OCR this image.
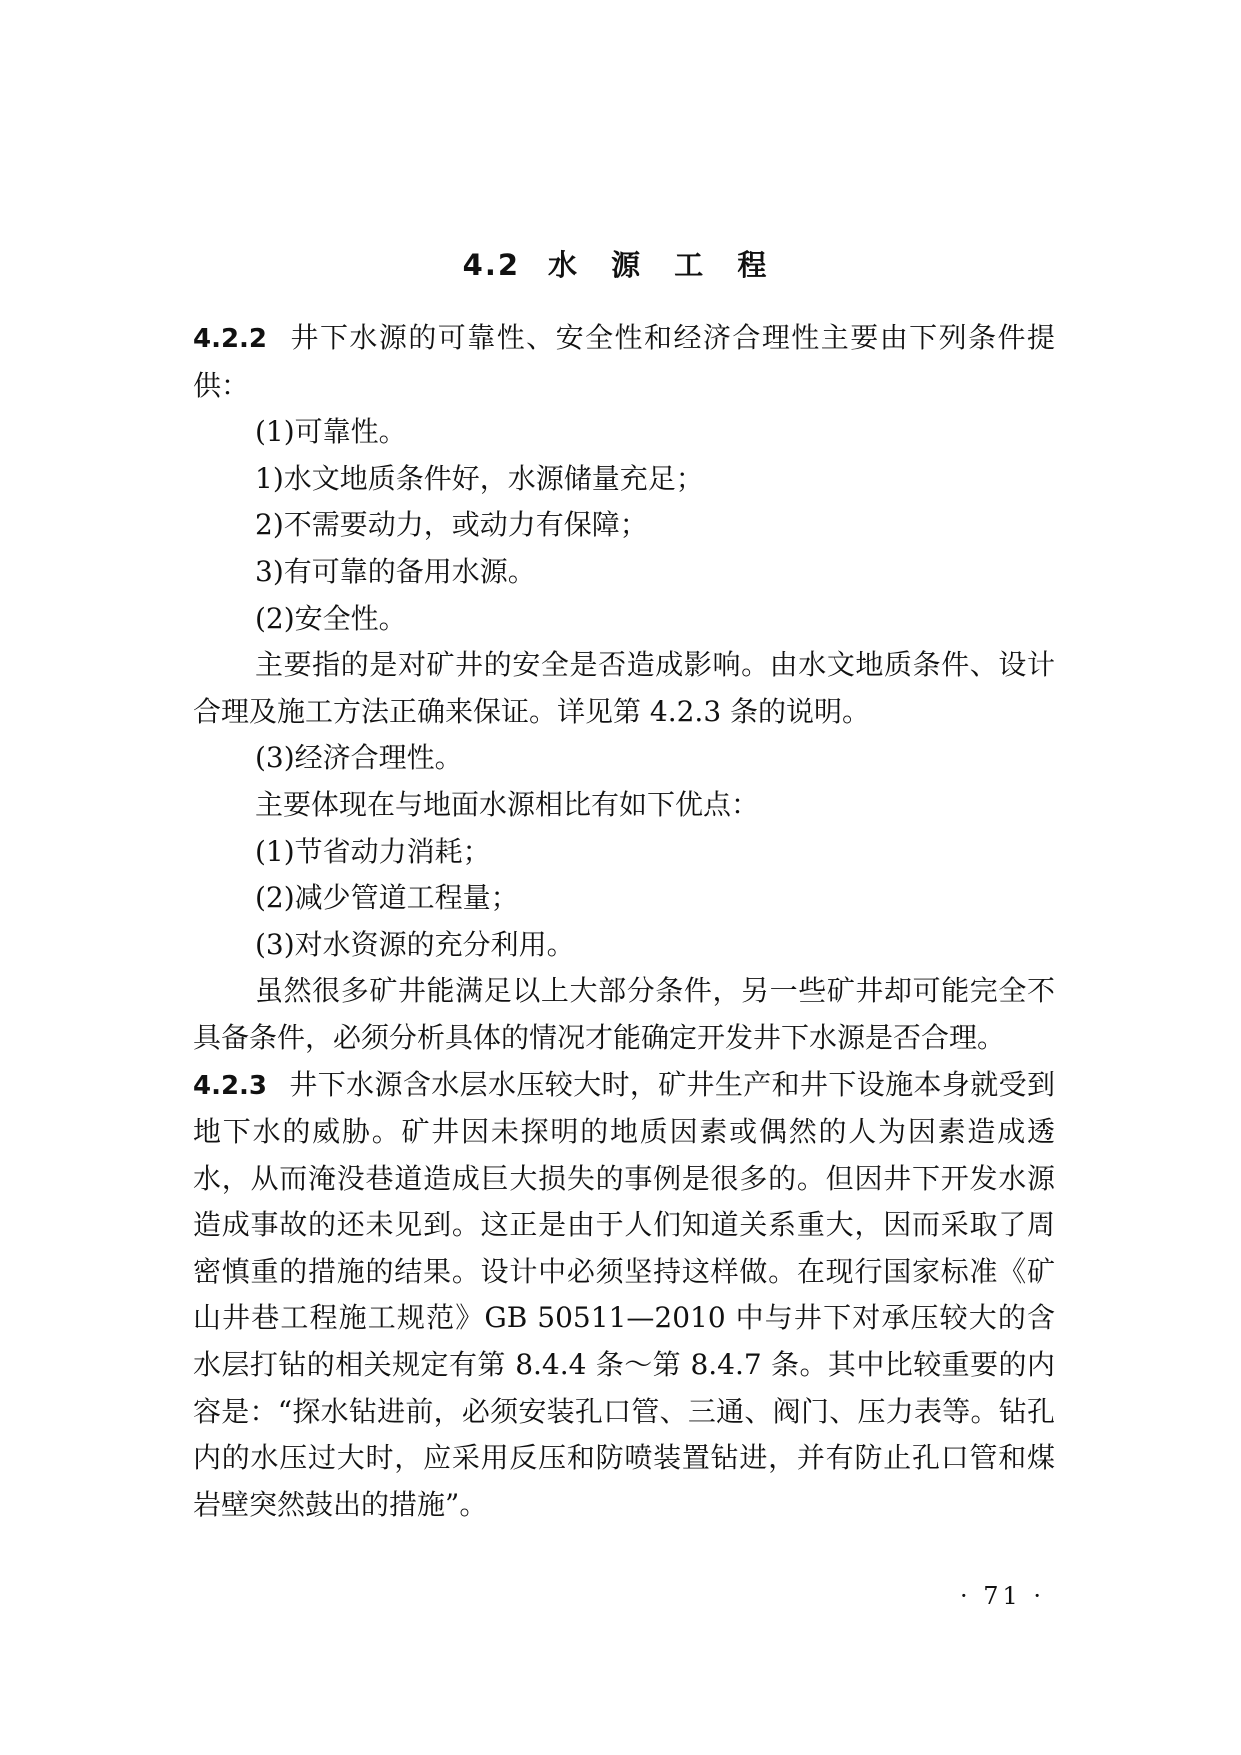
4.2 水 源 工 程

4.2.2 井下水源的可靠性、安全性和经济合理性主要由下列条件提供：

(1)可靠性。

1)水文地质条件好，水源储量充足；

2)不需要动力，或动力有保障；

3)有可靠的备用水源。

(2)安全性。

主要指的是对矿井的安全是否造成影响。由水文地质条件、设计合理及施工方法正确来保证。详见第 4.2.3 条的说明。

(3)经济合理性。

主要体现在与地面水源相比有如下优点：

(1)节省动力消耗；

(2)减少管道工程量；

(3)对水资源的充分利用。

虽然很多矿井能满足以上大部分条件，另一些矿井却可能完全不具备条件，必须分析具体的情况才能确定开发井下水源是否合理。

4.2.3 井下水源含水层水压较大时，矿井生产和井下设施本身就受到地下水的威胁。矿井因未探明的地质因素或偶然的人为因素造成透水，从而淹没巷道造成巨大损失的事例是很多的。但因井下开发水源造成事故的还未见到。这正是由于人们知道关系重大，因而采取了周密慎重的措施的结果。设计中必须坚持这样做。在现行国家标准《矿山井巷工程施工规范》GB 50511—2010 中与井下对承压较大的含水层打钻的相关规定有第 8.4.4 条～第 8.4.7 条。其中比较重要的内容是：“探水钻进前，必须安装孔口管、三通、阀门、压力表等。钻孔内的水压过大时，应采用反压和防喷装置钻进，并有防止孔口管和煤岩壁突然鼓出的措施”。

· 71 ·
